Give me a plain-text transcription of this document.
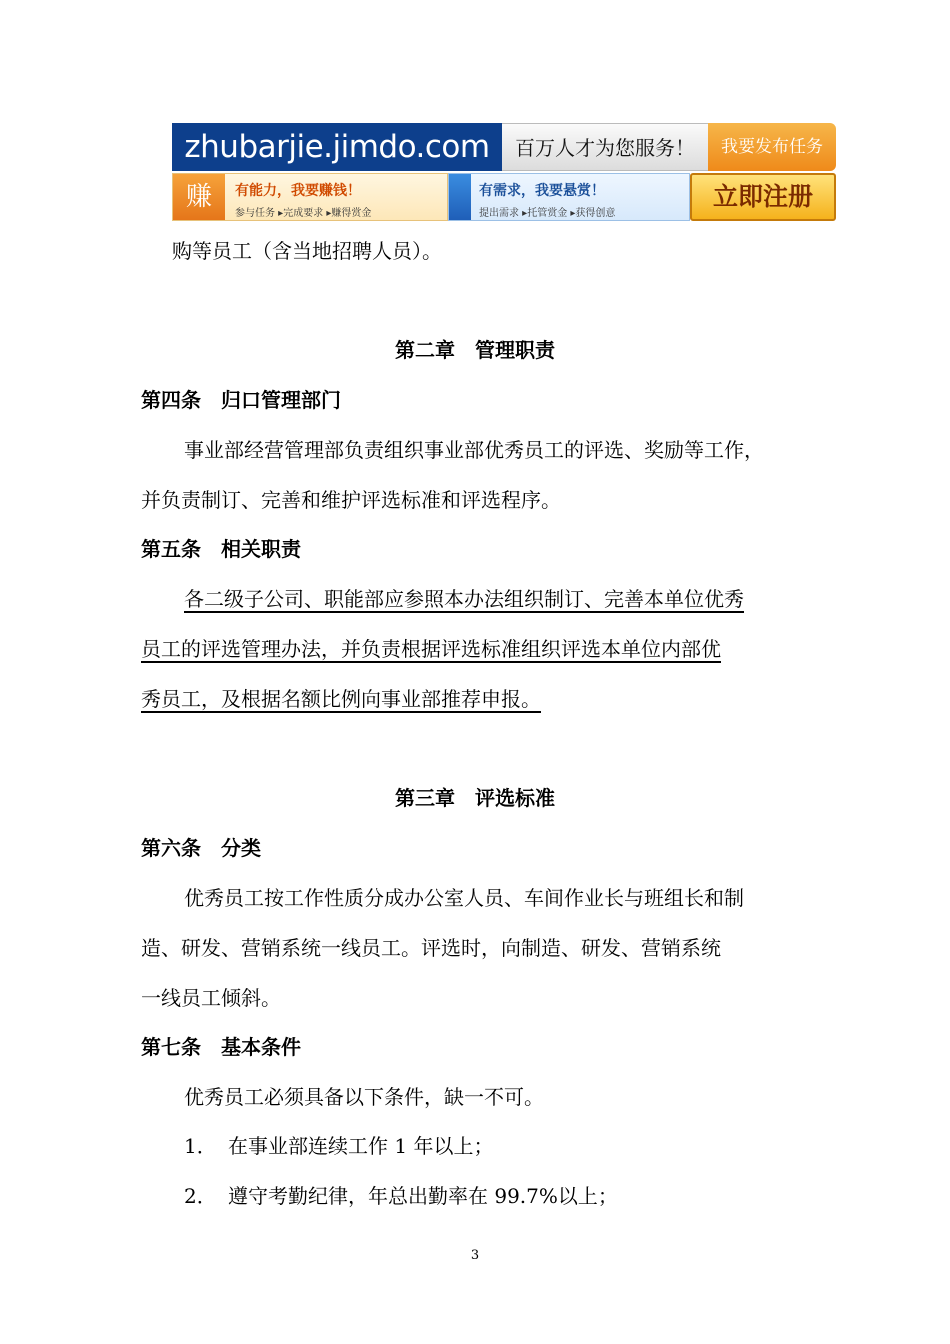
zhubarjie.jimdo.com	百万人才为您服务！	我要发布任务
赚	有能力，我要赚钱！
参与任务 ▸完成要求 ▸赚得赏金
有需求，我要悬赏！
提出需求 ▸托管赏金 ▸获得创意
立即注册
购等员工（含当地招聘人员）。
第二章　管理职责
第四条　归口管理部门
事业部经营管理部负责组织事业部优秀员工的评选、奖励等工作，
并负责制订、完善和维护评选标准和评选程序。
第五条　相关职责
各二级子公司、职能部应参照本办法组织制订、完善本单位优秀
员工的评选管理办法，并负责根据评选标准组织评选本单位内部优
秀员工，及根据名额比例向事业部推荐申报。
第三章　评选标准
第六条　分类
优秀员工按工作性质分成办公室人员、车间作业长与班组长和制
造、研发、营销系统一线员工。评选时，向制造、研发、营销系统
一线员工倾斜。
第七条　基本条件
优秀员工必须具备以下条件，缺一不可。
1． 在事业部连续工作 1 年以上；
2． 遵守考勤纪律，年总出勤率在 99.7%以上；
3
